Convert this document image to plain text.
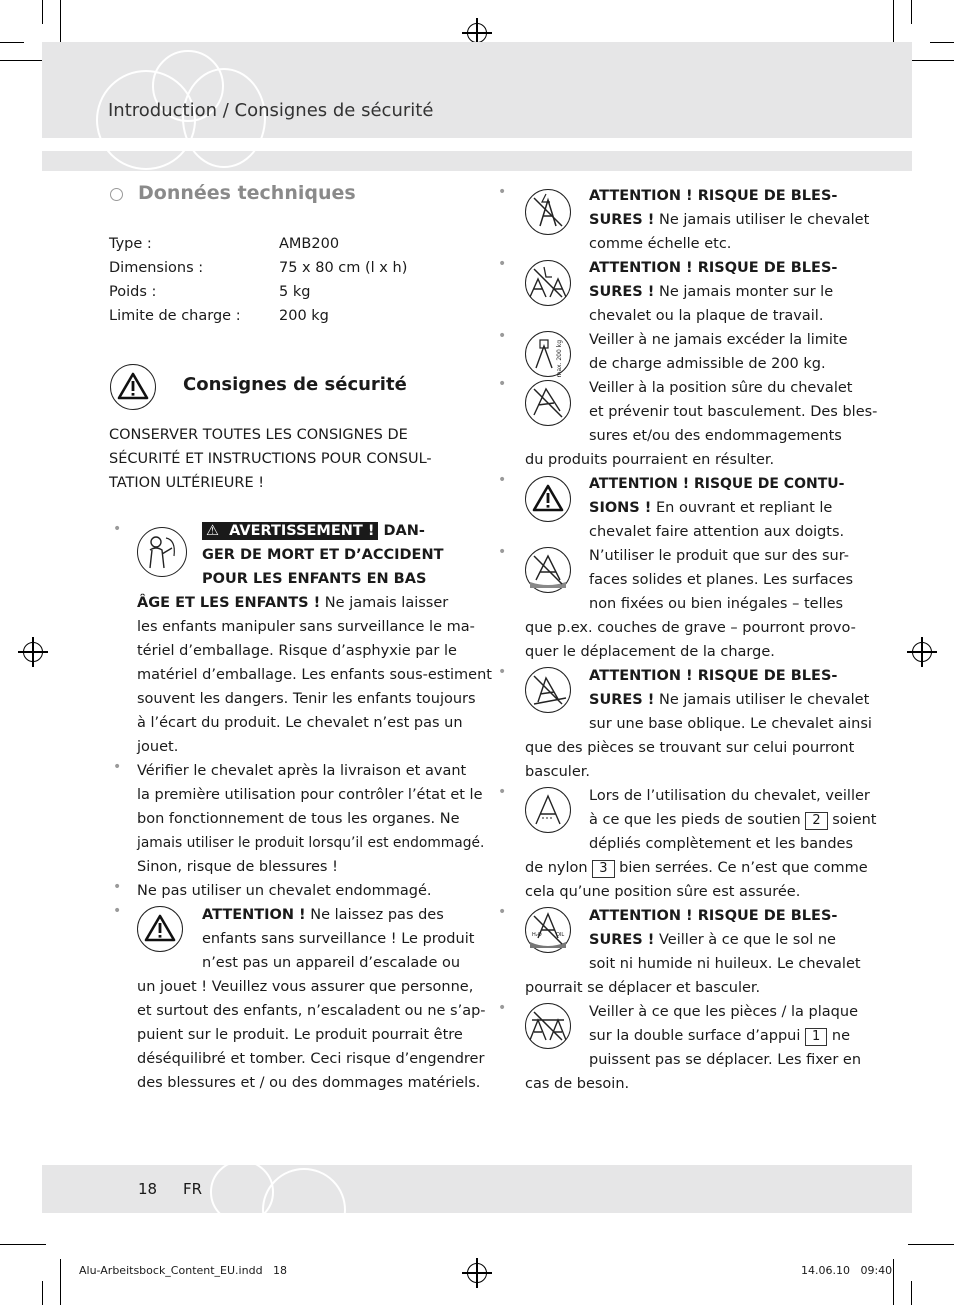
Introduction / Consignes de sécurité
Données techniques
Type :	AMB200
Dimensions :	75 x 80 cm (l x h)
Poids :	5 kg
Limite de charge :	200 kg
Consignes de sécurité
CONSERVER TOUTES LES CONSIGNES DE
SÉCURITÉ ET INSTRUCTIONS POUR CONSUL-
TATION ULTÉRIEURE !
•	⚠  AVERTISSEMENT ! DAN-
GER DE MORT ET D’ACCIDENT
POUR LES ENFANTS EN BAS
ÂGE ET LES ENFANTS ! Ne jamais laisser
les enfants manipuler sans surveillance le ma-
tériel d’emballage. Risque d’asphyxie par le
matériel d’emballage. Les enfants sous-estiment
souvent les dangers. Tenir les enfants toujours
à l’écart du produit. Le chevalet n’est pas un
jouet.
• Vérifier le chevalet après la livraison et avant
la première utilisation pour contrôler l’état et le
bon fonctionnement de tous les organes. Ne
jamais utiliser le produit lorsqu’il est endommagé.
Sinon, risque de blessures !
• Ne pas utiliser un chevalet endommagé.
•	ATTENTION ! Ne laissez pas des
enfants sans surveillance ! Le produit
n’est pas un appareil d’escalade ou
un jouet ! Veuillez vous assurer que personne,
et surtout des enfants, n’escaladent ou ne s’ap-
puient sur le produit. Le produit pourrait être
déséquilibré et tomber. Ceci risque d’engendrer
des blessures et / ou des dommages matériels.
•	ATTENTION ! RISQUE DE BLES-
SURES ! Ne jamais utiliser le chevalet
comme échelle etc.
•	ATTENTION ! RISQUE DE BLES-
SURES ! Ne jamais monter sur le
chevalet ou la plaque de travail.
•
max. 200 kg Veiller à ne jamais excéder la limite
de charge admissible de 200 kg.
•	Veiller à la position sûre du chevalet
et prévenir tout basculement. Des bles-
sures et/ou des endommagements
du produits pourraient en résulter.
•	ATTENTION ! RISQUE DE CONTU-
SIONS ! En ouvrant et repliant le
chevalet faire attention aux doigts.
•	N’utiliser le produit que sur des sur-
faces solides et planes. Les surfaces
non fixées ou bien inégales – telles
que p.ex. couches de grave – pourront provo-
quer le déplacement de la charge.
•	ATTENTION ! RISQUE DE BLES-
SURES ! Ne jamais utiliser le chevalet
sur une base oblique. Le chevalet ainsi
que des pièces se trouvant sur celui pourront
basculer.
•	Lors de l’utilisation du chevalet, veiller
à ce que les pieds de soutien 2 soient
dépliés complètement et les bandes
de nylon 3 bien serrées. Ce n’est que comme
cela qu’une position sûre est assurée.
•
H₂O	OIL
ATTENTION ! RISQUE DE BLES-
SURES ! Veiller à ce que le sol ne
soit ni humide ni huileux. Le chevalet
pourrait se déplacer et basculer.
•	Veiller à ce que les pièces / la plaque
sur la double surface d’appui 1 ne
puissent pas se déplacer. Les fixer en
cas de besoin.
18 FR
Alu-Arbeitsbock_Content_EU.indd   18	14.06.10   09:40
